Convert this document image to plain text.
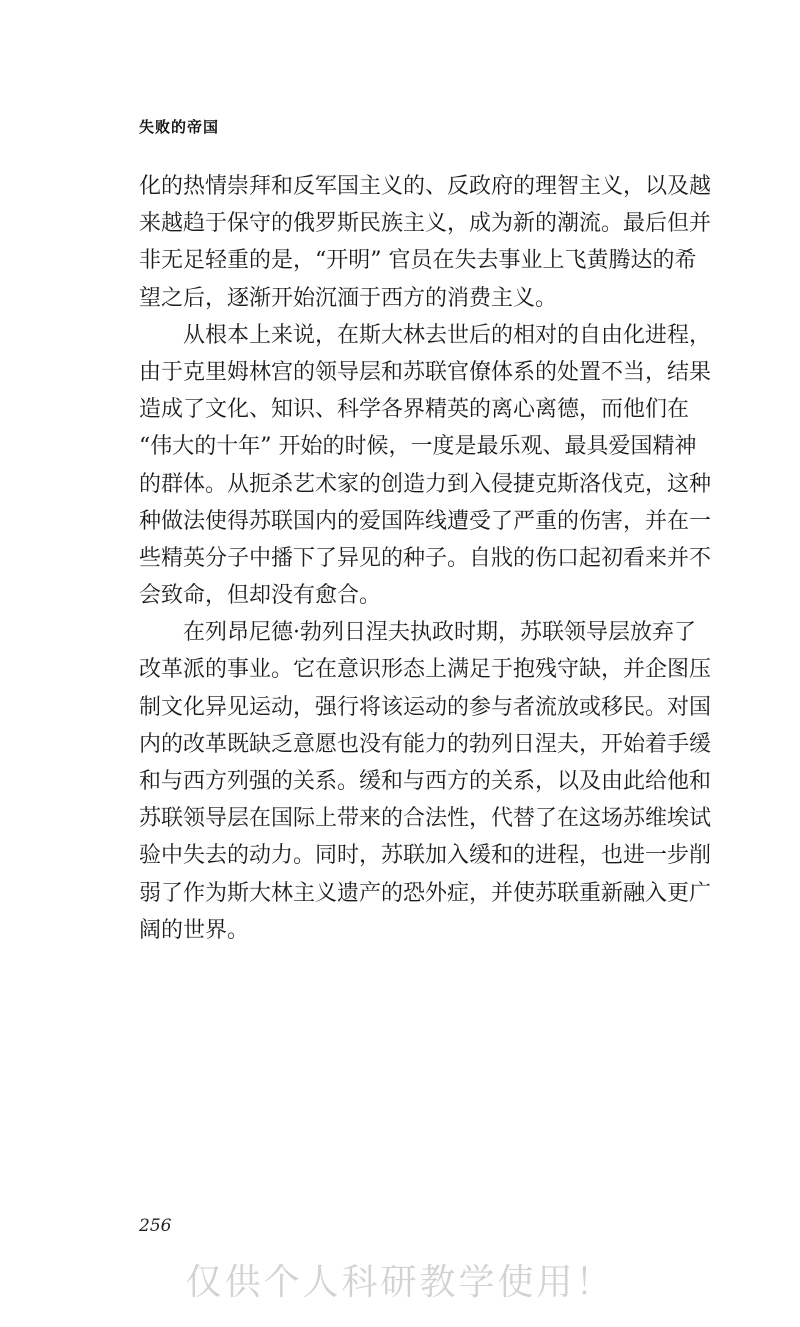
失败的帝国
化的热情崇拜和反军国主义的、反政府的理智主义，以及越
来越趋于保守的俄罗斯民族主义，成为新的潮流。最后但并
非无足轻重的是，“开明” 官员在失去事业上飞黄腾达的希
望之后，逐渐开始沉湎于西方的消费主义。
从根本上来说，在斯大林去世后的相对的自由化进程，
由于克里姆林宫的领导层和苏联官僚体系的处置不当，结果
造成了文化、知识、科学各界精英的离心离德，而他们在
“伟大的十年” 开始的时候，一度是最乐观、最具爱国精神
的群体。从扼杀艺术家的创造力到入侵捷克斯洛伐克，这种
种做法使得苏联国内的爱国阵线遭受了严重的伤害，并在一
些精英分子中播下了异见的种子。自戕的伤口起初看来并不
会致命，但却没有愈合。
在列昂尼德·勃列日涅夫执政时期，苏联领导层放弃了
改革派的事业。它在意识形态上满足于抱残守缺，并企图压
制文化异见运动，强行将该运动的参与者流放或移民。对国
内的改革既缺乏意愿也没有能力的勃列日涅夫，开始着手缓
和与西方列强的关系。缓和与西方的关系，以及由此给他和
苏联领导层在国际上带来的合法性，代替了在这场苏维埃试
验中失去的动力。同时，苏联加入缓和的进程，也进一步削
弱了作为斯大林主义遗产的恐外症，并使苏联重新融入更广
阔的世界。
256
仅供个人科研教学使用！
